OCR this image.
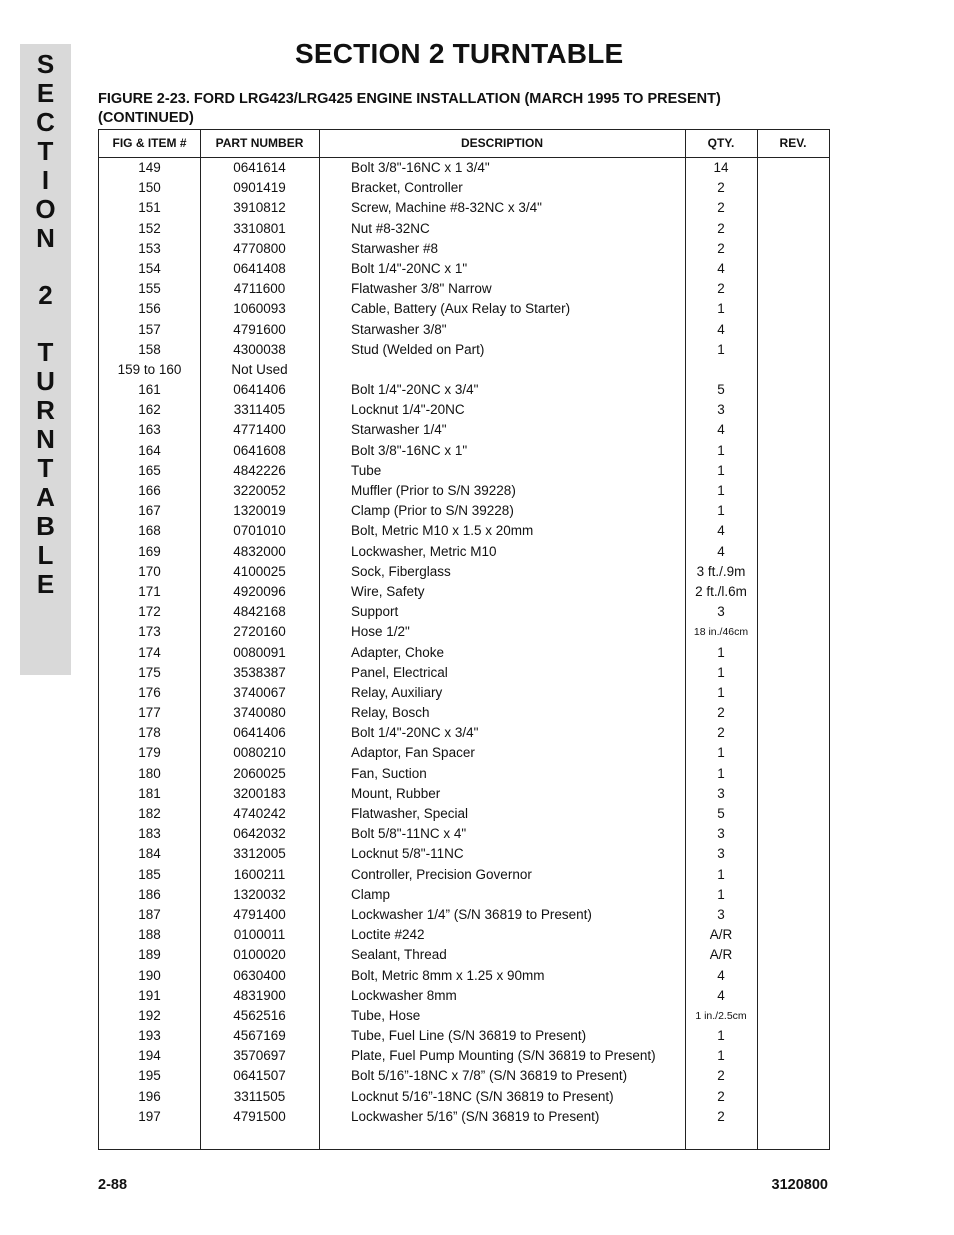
S
E
C
T
I
O
N
2
T
U
R
N
T
A
B
L
E
SECTION 2 TURNTABLE
FIGURE 2-23. FORD LRG423/LRG425 ENGINE INSTALLATION (MARCH 1995 TO PRESENT)
(CONTINUED)
FIG & ITEM #	PART NUMBER	DESCRIPTION	QTY.	REV.
149	0641614	Bolt 3/8"-16NC x 1 3/4"	14
150	0901419	Bracket, Controller	2
151	3910812	Screw, Machine #8-32NC x 3/4"	2
152	3310801	Nut #8-32NC	2
153	4770800	Starwasher #8	2
154	0641408	Bolt 1/4"-20NC x 1"	4
155	4711600	Flatwasher 3/8" Narrow	2
156	1060093	Cable, Battery (Aux Relay to Starter)	1
157	4791600	Starwasher 3/8"	4
158	4300038	Stud (Welded on Part)	1
159 to 160	Not Used
161	0641406	Bolt 1/4"-20NC x 3/4"	5
162	3311405	Locknut 1/4"-20NC	3
163	4771400	Starwasher 1/4"	4
164	0641608	Bolt 3/8"-16NC x 1"	1
165	4842226	Tube	1
166	3220052	Muffler (Prior to S/N 39228)	1
167	1320019	Clamp (Prior to S/N 39228)	1
168	0701010	Bolt, Metric M10 x 1.5 x 20mm	4
169	4832000	Lockwasher, Metric M10	4
170	4100025	Sock, Fiberglass	3 ft./.9m
171	4920096	Wire, Safety	2 ft./l.6m
172	4842168	Support	3
173	2720160	Hose 1/2"	18 in./46cm
174	0080091	Adapter, Choke	1
175	3538387	Panel, Electrical	1
176	3740067	Relay, Auxiliary	1
177	3740080	Relay, Bosch	2
178	0641406	Bolt 1/4"-20NC x 3/4"	2
179	0080210	Adaptor, Fan Spacer	1
180	2060025	Fan, Suction	1
181	3200183	Mount, Rubber	3
182	4740242	Flatwasher, Special	5
183	0642032	Bolt 5/8"-11NC x 4"	3
184	3312005	Locknut 5/8"-11NC	3
185	1600211	Controller, Precision Governor	1
186	1320032	Clamp	1
187	4791400	Lockwasher 1/4” (S/N 36819 to Present)	3
188	0100011	Loctite #242	A/R
189	0100020	Sealant, Thread	A/R
190	0630400	Bolt, Metric 8mm x 1.25 x 90mm	4
191	4831900	Lockwasher 8mm	4
192	4562516	Tube, Hose	1 in./2.5cm
193	4567169	Tube, Fuel Line (S/N 36819 to Present)	1
194	3570697	Plate, Fuel Pump Mounting (S/N 36819 to Present)	1
195	0641507	Bolt 5/16”-18NC x 7/8” (S/N 36819 to Present)	2
196	3311505	Locknut 5/16”-18NC (S/N 36819 to Present)	2
197	4791500	Lockwasher 5/16” (S/N 36819 to Present)	2
2-88	3120800
